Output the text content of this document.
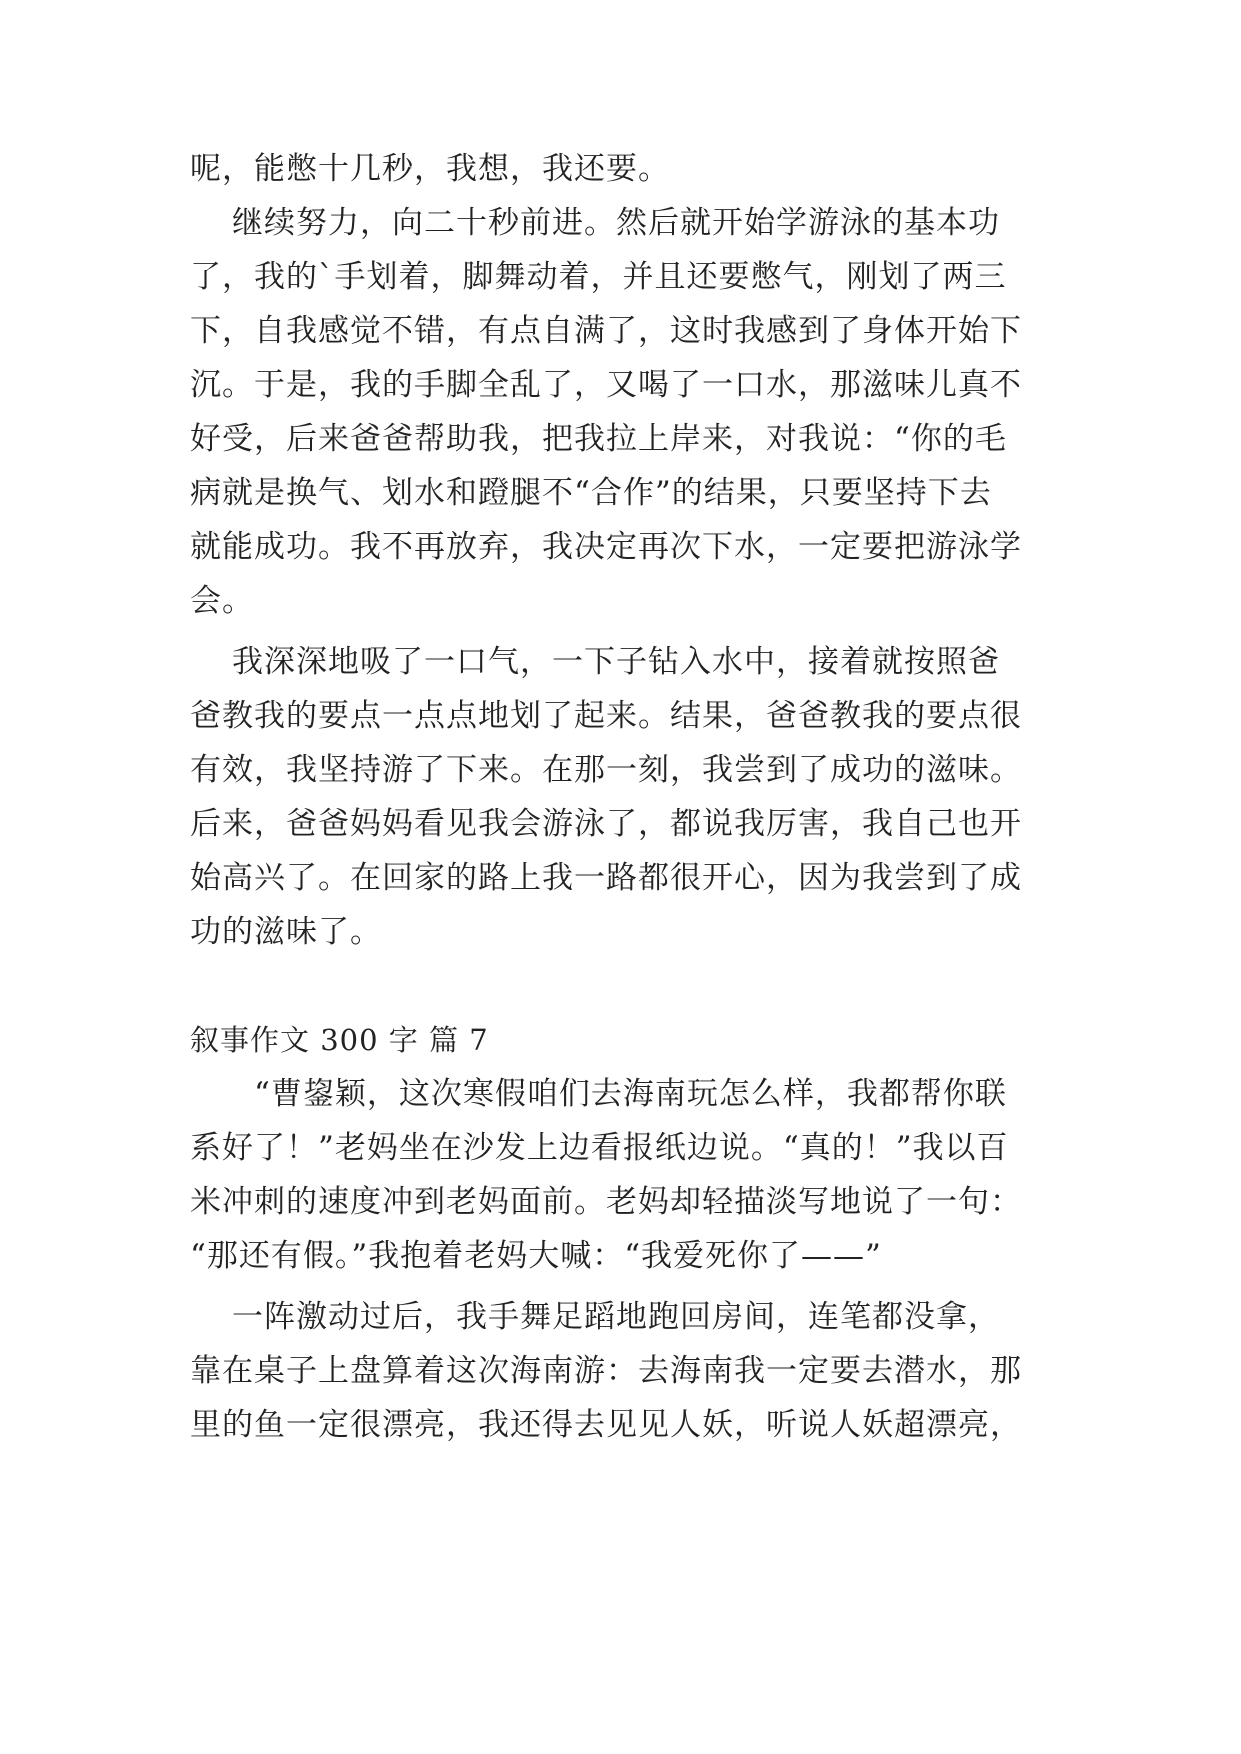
呢，能憋十几秒，我想，我还要。
继续努力，向二十秒前进。然后就开始学游泳的基本功
了，我的`手划着，脚舞动着，并且还要憋气，刚划了两三
下，自我感觉不错，有点自满了，这时我感到了身体开始下
沉。于是，我的手脚全乱了，又喝了一口水，那滋味儿真不
好受，后来爸爸帮助我，把我拉上岸来，对我说：“你的毛
病就是换气、划水和蹬腿不“合作”的结果，只要坚持下去
就能成功。我不再放弃，我决定再次下水，一定要把游泳学
会。
我深深地吸了一口气，一下子钻入水中，接着就按照爸
爸教我的要点一点点地划了起来。结果，爸爸教我的要点很
有效，我坚持游了下来。在那一刻，我尝到了成功的滋味。
后来，爸爸妈妈看见我会游泳了，都说我厉害，我自己也开
始高兴了。在回家的路上我一路都很开心，因为我尝到了成
功的滋味了。
叙事作文 300 字 篇 7
“曹鋆颖，这次寒假咱们去海南玩怎么样，我都帮你联
系好了！”老妈坐在沙发上边看报纸边说。“真的！”我以百
米冲刺的速度冲到老妈面前。老妈却轻描淡写地说了一句：
“那还有假。”我抱着老妈大喊：“我爱死你了——”
一阵激动过后，我手舞足蹈地跑回房间，连笔都没拿，
靠在桌子上盘算着这次海南游：去海南我一定要去潜水，那
里的鱼一定很漂亮，我还得去见见人妖，听说人妖超漂亮，
